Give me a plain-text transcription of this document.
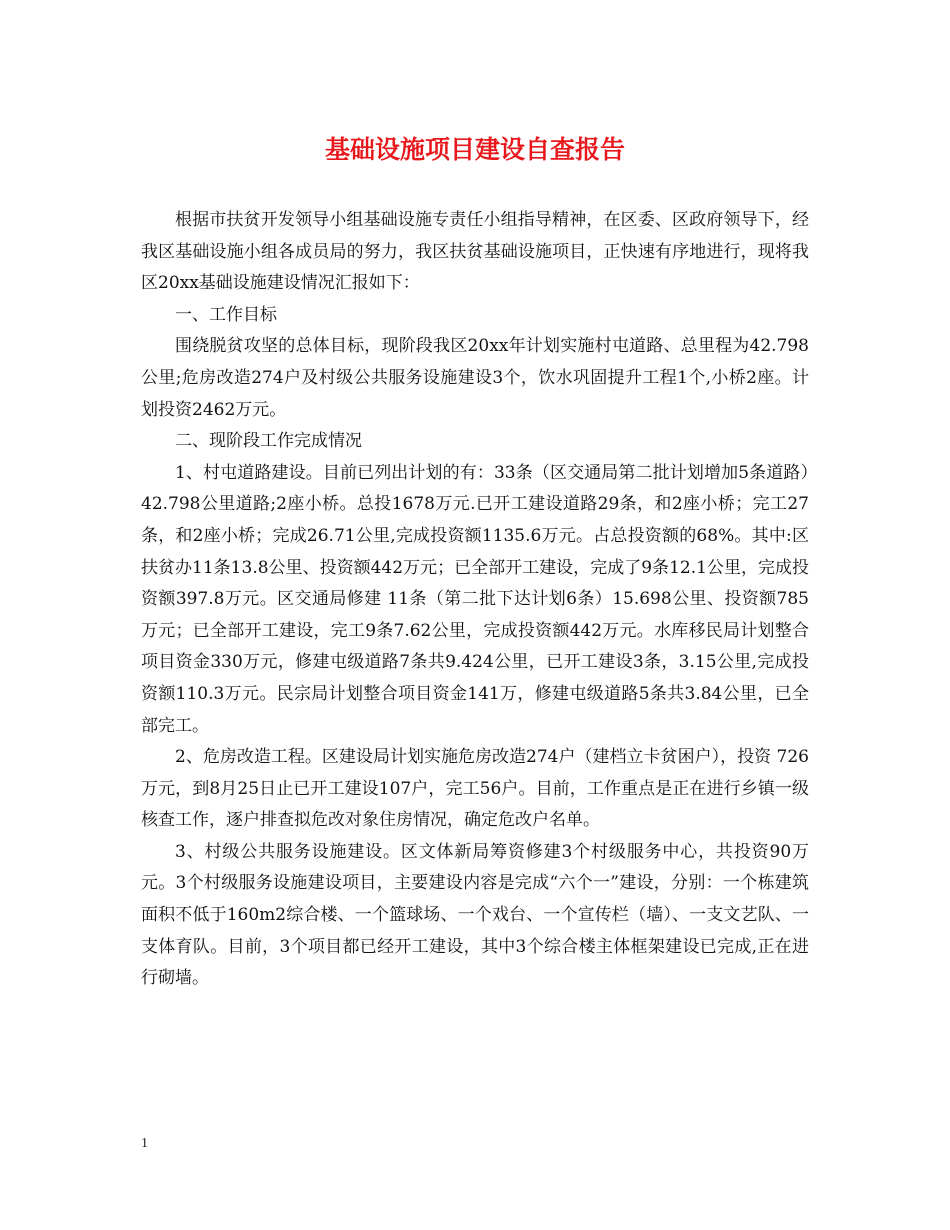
基础设施项目建设自查报告

根据市扶贫开发领导小组基础设施专责任小组指导精神，在区委、区政府领导下，经我区基础设施小组各成员局的努力，我区扶贫基础设施项目，正快速有序地进行，现将我区20xx基础设施建设情况汇报如下：

一、工作目标

围绕脱贫攻坚的总体目标，现阶段我区20xx年计划实施村屯道路、总里程为42.798公里;危房改造274户及村级公共服务设施建设3个，饮水巩固提升工程1个,小桥2座。计划投资2462万元。

二、现阶段工作完成情况

1、村屯道路建设。目前已列出计划的有：33条（区交通局第二批计划增加5条道路）42.798公里道路;2座小桥。总投1678万元.已开工建设道路29条，和2座小桥；完工27条，和2座小桥；完成26.71公里,完成投资额1135.6万元。占总投资额的68%。其中:区扶贫办11条13.8公里、投资额442万元；已全部开工建设，完成了9条12.1公里，完成投资额397.8万元。区交通局修建 11条（第二批下达计划6条）15.698公里、投资额785万元；已全部开工建设，完工9条7.62公里，完成投资额442万元。水库移民局计划整合项目资金330万元，修建屯级道路7条共9.424公里，已开工建设3条，3.15公里,完成投资额110.3万元。民宗局计划整合项目资金141万，修建屯级道路5条共3.84公里，已全部完工。

2、危房改造工程。区建设局计划实施危房改造274户（建档立卡贫困户），投资 726万元，到8月25日止已开工建设107户，完工56户。目前，工作重点是正在进行乡镇一级核查工作，逐户排查拟危改对象住房情况，确定危改户名单。

3、村级公共服务设施建设。区文体新局筹资修建3个村级服务中心，共投资90万元。3个村级服务设施建设项目，主要建设内容是完成“六个一”建设，分别：一个栋建筑面积不低于160m2综合楼、一个篮球场、一个戏台、一个宣传栏（墙）、一支文艺队、一支体育队。目前，3个项目都已经开工建设，其中3个综合楼主体框架建设已完成,正在进行砌墙。

1
